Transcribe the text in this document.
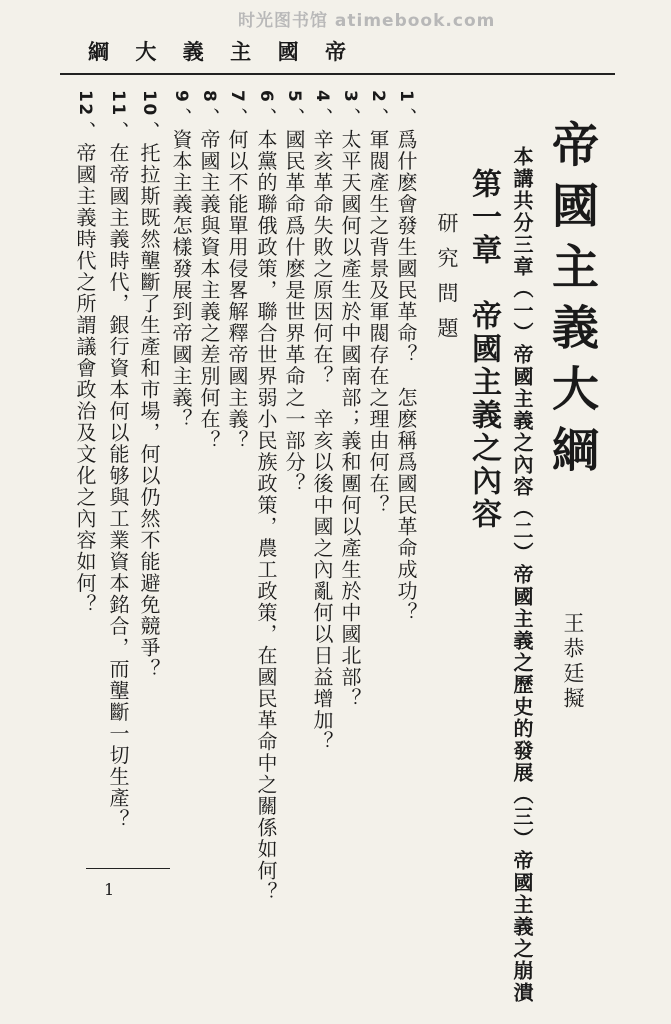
时光图书馆 atimebook.com
帝
國
主
義
大
綱
帝國主義大綱
王恭廷擬
本講共分三章（一）帝國主義之內容（二）帝國主義之歷史的發展（三）帝國主義之崩潰
第一章　帝國主義之內容
研究問題
1、爲什麽會發生國民革命？　怎麽稱爲國民革命成功？
2、軍閥產生之背景及軍閥存在之理由何在？
3、太平天國何以產生於中國南部；義和團何以產生於中國北部？
4、辛亥革命失敗之原因何在？　辛亥以後中國之內亂何以日益增加？
5、國民革命爲什麽是世界革命之一部分？
6、本黨的聯俄政策，聯合世界弱小民族政策，農工政策，在國民革命中之關係如何？
7、何以不能單用侵畧解釋帝國主義？
8、帝國主義與資本主義之差別何在？
9、資本主義怎樣發展到帝國主義？
10、托拉斯既然壟斷了生產和市場，何以仍然不能避免競爭？
11、在帝國主義時代，銀行資本何以能够與工業資本銘合，而壟斷一切生產？
12、帝國主義時代之所謂議會政治及文化之內容如何？
1
